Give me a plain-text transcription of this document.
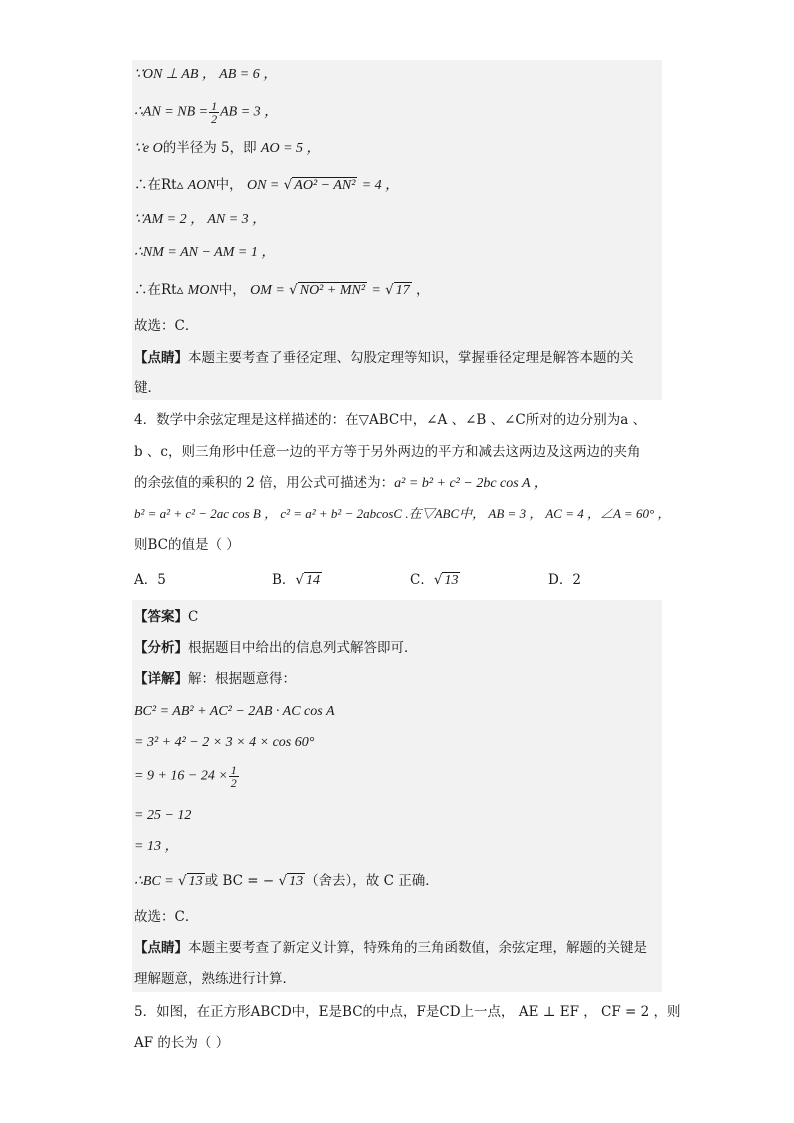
∵ON ⊥ AB ， AB = 6 ，
∴AN = NB = $\frac{1}{2}$ AB = 3 ，
∵e O的半径为 5，即 AO = 5 ，
∴在Rt▵ AON中， ON = √ AO² − AN² = 4 ，
∵AM = 2 ， AN = 3 ，
∴NM = AN − AM = 1 ，
∴在Rt▵ MON中， OM = √ NO² + MN² = √ 17 ，
故选：C．
【点睛】本题主要考查了垂径定理、勾股定理等知识，掌握垂径定理是解答本题的关
键．
4．数学中余弦定理是这样描述的：在▽ABC中，∠A 、∠B 、∠C所对的边分别为a 、
b 、c，则三角形中任意一边的平方等于另外两边的平方和减去这两边及这两边的夹角
的余弦值的乘积的 2 倍，用公式可描述为：a² = b² + c² − 2bc cos A ，
b² = a² + c² − 2ac cos B ， c² = a² + b² − 2abcosC .在▽ABC中， AB = 3 ， AC = 4 ，∠A = 60° ，
则BC的值是（ ）
A．5	B．√ 14	C．√ 13	D．2
【答案】C
【分析】根据题目中给出的信息列式解答即可．
【详解】解：根据题意得：
BC² = AB² + AC² − 2AB · AC cos A
= 3² + 4² − 2 × 3 × 4 × cos 60°
= $9 + 16 - 24 \times \frac{1}{2}$
= 25 − 12
= 13 ，
∴BC = √ 13 或 BC = − √ 13 （舍去），故 C 正确．
故选：C．
【点睛】本题主要考查了新定义计算，特殊角的三角函数值，余弦定理，解题的关键是
理解题意，熟练进行计算．
5．如图，在正方形ABCD中，E是BC的中点，F是CD上一点， AE ⊥ EF ， CF = 2 ，则
AF 的长为（ ）
